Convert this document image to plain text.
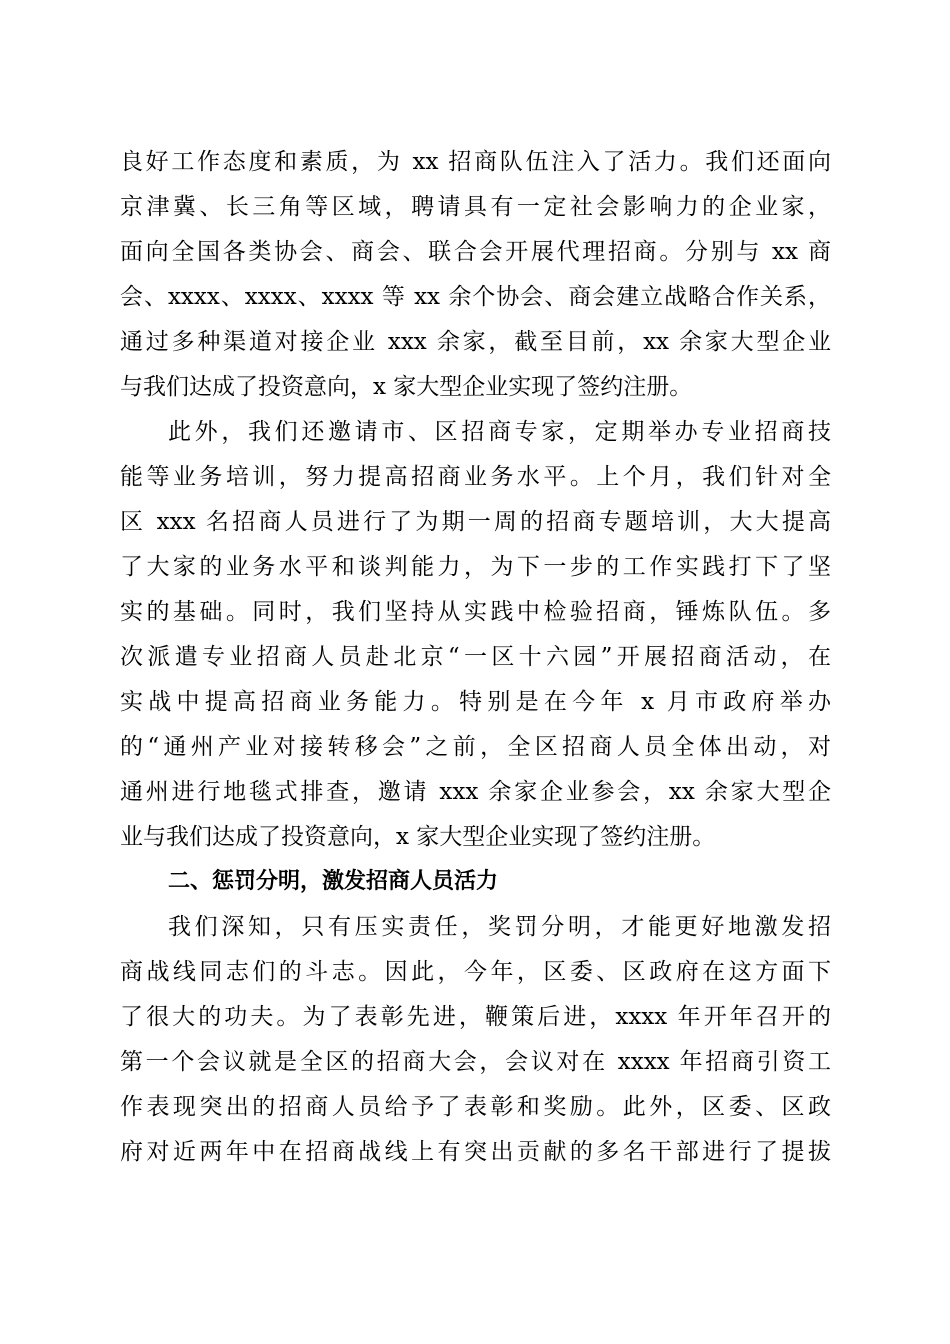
良好工作态度和素质，为 xx 招商队伍注入了活力。我们还面向
京津冀、长三角等区域，聘请具有一定社会影响力的企业家，
面向全国各类协会、商会、联合会开展代理招商。分别与 xx 商
会、xxxx、xxxx、xxxx 等 xx 余个协会、商会建立战略合作关系，
通过多种渠道对接企业 xxx 余家，截至目前，xx 余家大型企业
与我们达成了投资意向，x 家大型企业实现了签约注册。
此外，我们还邀请市、区招商专家，定期举办专业招商技
能等业务培训，努力提高招商业务水平。上个月，我们针对全
区 xxx 名招商人员进行了为期一周的招商专题培训，大大提高
了大家的业务水平和谈判能力，为下一步的工作实践打下了坚
实的基础。同时，我们坚持从实践中检验招商，锤炼队伍。多
次派遣专业招商人员赴北京“一区十六园”开展招商活动，在
实战中提高招商业务能力。特别是在今年 x 月市政府举办
的“通州产业对接转移会”之前，全区招商人员全体出动，对
通州进行地毯式排查，邀请 xxx 余家企业参会，xx 余家大型企
业与我们达成了投资意向，x 家大型企业实现了签约注册。
二、惩罚分明，激发招商人员活力
我们深知，只有压实责任，奖罚分明，才能更好地激发招
商战线同志们的斗志。因此，今年，区委、区政府在这方面下
了很大的功夫。为了表彰先进，鞭策后进，xxxx 年开年召开的
第一个会议就是全区的招商大会，会议对在 xxxx 年招商引资工
作表现突出的招商人员给予了表彰和奖励。此外，区委、区政
府对近两年中在招商战线上有突出贡献的多名干部进行了提拔
